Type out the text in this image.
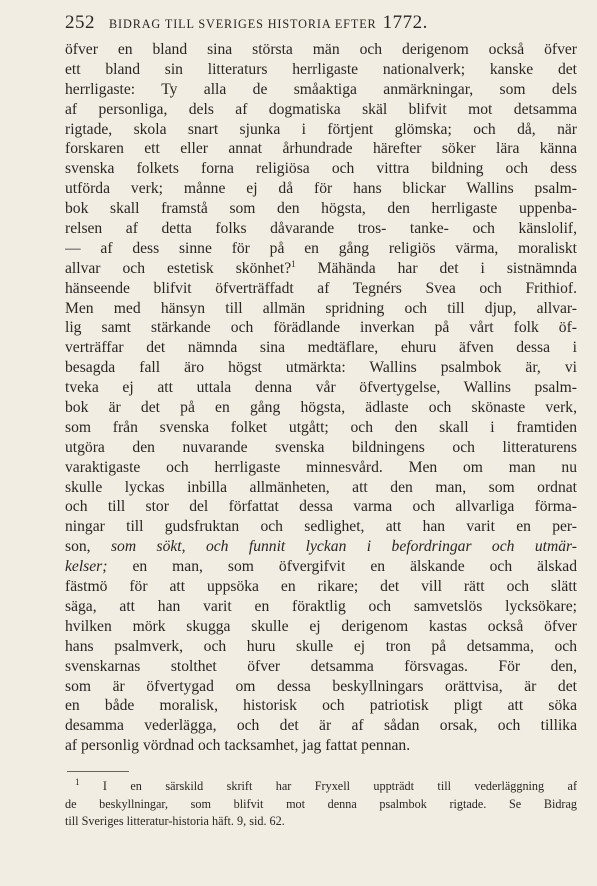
252 BIDRAG TILL SVERIGES HISTORIA EFTER 1772.
öfver en bland sina största män och derigenom också öfver
ett bland sin litteraturs herrligaste nationalverk; kanske det
herrligaste: Ty alla de småaktiga anmärkningar, som dels
af personliga, dels af dogmatiska skäl blifvit mot detsamma
rigtade, skola snart sjunka i förtjent glömska; och då, när
forskaren ett eller annat århundrade härefter söker lära känna
svenska folkets forna religiösa och vittra bildning och dess
utförda verk; månne ej då för hans blickar Wallins psalm-
bok skall framstå som den högsta, den herrligaste uppenba-
relsen af detta folks dåvarande tros- tanke- och känslolif,
— af dess sinne för på en gång religiös värma, moraliskt
allvar och estetisk skönhet?$^1$ Mähända har det i sistnämnda
hänseende blifvit öfverträffadt af Tegnérs Svea och Frithiof.
Men med hänsyn till allmän spridning och till djup, allvar-
lig samt stärkande och förädlande inverkan på vårt folk öf-
verträffar det nämnda sina medtäflare, ehuru äfven dessa i
besagda fall äro högst utmärkta: Wallins psalmbok är, vi
tveka ej att uttala denna vår öfvertygelse, Wallins psalm-
bok är det på en gång högsta, ädlaste och skönaste verk,
som från svenska folket utgått; och den skall i framtiden
utgöra den nuvarande svenska bildningens och litteraturens
varaktigaste och herrligaste minnesvård. Men om man nu
skulle lyckas inbilla allmänheten, att den man, som ordnat
och till stor del författat dessa varma och allvarliga förma-
ningar till gudsfruktan och sedlighet, att han varit en per-
son, som sökt, och funnit lyckan i befordringar och utmär-
kelser; en man, som öfvergifvit en älskande och älskad
fästmö för att uppsöka en rikare; det vill rätt och slätt
säga, att han varit en föraktlig och samvetslös lycksökare;
hvilken mörk skugga skulle ej derigenom kastas också öfver
hans psalmverk, och huru skulle ej tron på detsamma, och
svenskarnas stolthet öfver detsamma försvagas. För den,
som är öfvertygad om dessa beskyllningars orättvisa, är det
en både moralisk, historisk och patriotisk pligt att söka
desamma vederlägga, och det är af sådan orsak, och tillika
af personlig vördnad och tacksamhet, jag fattat pennan.
$^1$ I en särskild skrift har Fryxell uppträdt till vederläggning af
de beskyllningar, som blifvit mot denna psalmbok rigtade. Se Bidrag
till Sveriges litteratur-historia häft. 9, sid. 62.
